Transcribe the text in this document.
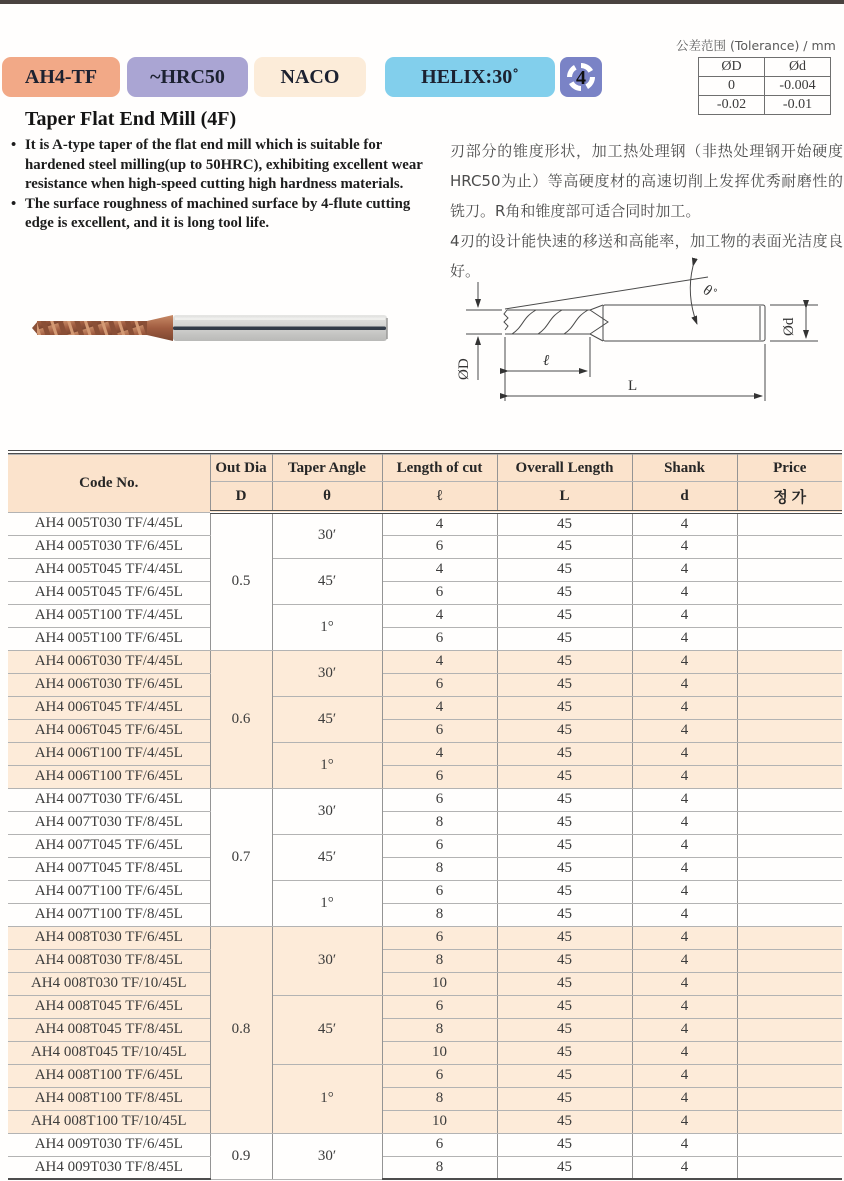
AH4-TF	~HRC50	NACO	HELIX:30˚	4
公差范围 (Tolerance) / mm
ØD	Ød
0	-0.004
-0.02	-0.01
Taper Flat End Mill (4F)
• It is A-type taper of the flat end mill which is suitable for hardened steel milling(up to 50HRC), exhibiting excellent wear resistance when high-speed cutting high hardness materials.
• The surface roughness of machined surface by 4-flute cutting edge is excellent, and it is long tool life.

刃部分的锥度形状，加工热处理钢（非热处理钢开始硬度HRC50为止）等高硬度材的高速切削上发挥优秀耐磨性的铣刀。R角和锥度部可适合同时加工。

4刃的设计能快速的移送和高能率，加工物的表面光洁度良好。

ØD
Ød
ℓ
L
θ˚
Code No.	Out Dia	Taper Angle	Length of cut	Overall Length	Shank	Price
	D	θ	ℓ	L	d	정 가
AH4 005T030 TF/4/45L	0.5	30′	4	45	4	
AH4 005T030 TF/6/45L			6	45	4	
AH4 005T045 TF/4/45L		45′	4	45	4	
AH4 005T045 TF/6/45L			6	45	4	
AH4 005T100 TF/4/45L		1°	4	45	4	
AH4 005T100 TF/6/45L			6	45	4	
AH4 006T030 TF/4/45L	0.6	30′	4	45	4	
AH4 006T030 TF/6/45L			6	45	4	
AH4 006T045 TF/4/45L		45′	4	45	4	
AH4 006T045 TF/6/45L			6	45	4	
AH4 006T100 TF/4/45L		1°	4	45	4	
AH4 006T100 TF/6/45L			6	45	4	
AH4 007T030 TF/6/45L	0.7	30′	6	45	4	
AH4 007T030 TF/8/45L			8	45	4	
AH4 007T045 TF/6/45L		45′	6	45	4	
AH4 007T045 TF/8/45L			8	45	4	
AH4 007T100 TF/6/45L		1°	6	45	4	
AH4 007T100 TF/8/45L			8	45	4	
AH4 008T030 TF/6/45L	0.8	30′	6	45	4	
AH4 008T030 TF/8/45L			8	45	4	
AH4 008T030 TF/10/45L			10	45	4	
AH4 008T045 TF/6/45L		45′	6	45	4	
AH4 008T045 TF/8/45L			8	45	4	
AH4 008T045 TF/10/45L			10	45	4	
AH4 008T100 TF/6/45L		1°	6	45	4	
AH4 008T100 TF/8/45L			8	45	4	
AH4 008T100 TF/10/45L			10	45	4	
AH4 009T030 TF/6/45L	0.9	30′	6	45	4	
AH4 009T030 TF/8/45L			8	45	4	
